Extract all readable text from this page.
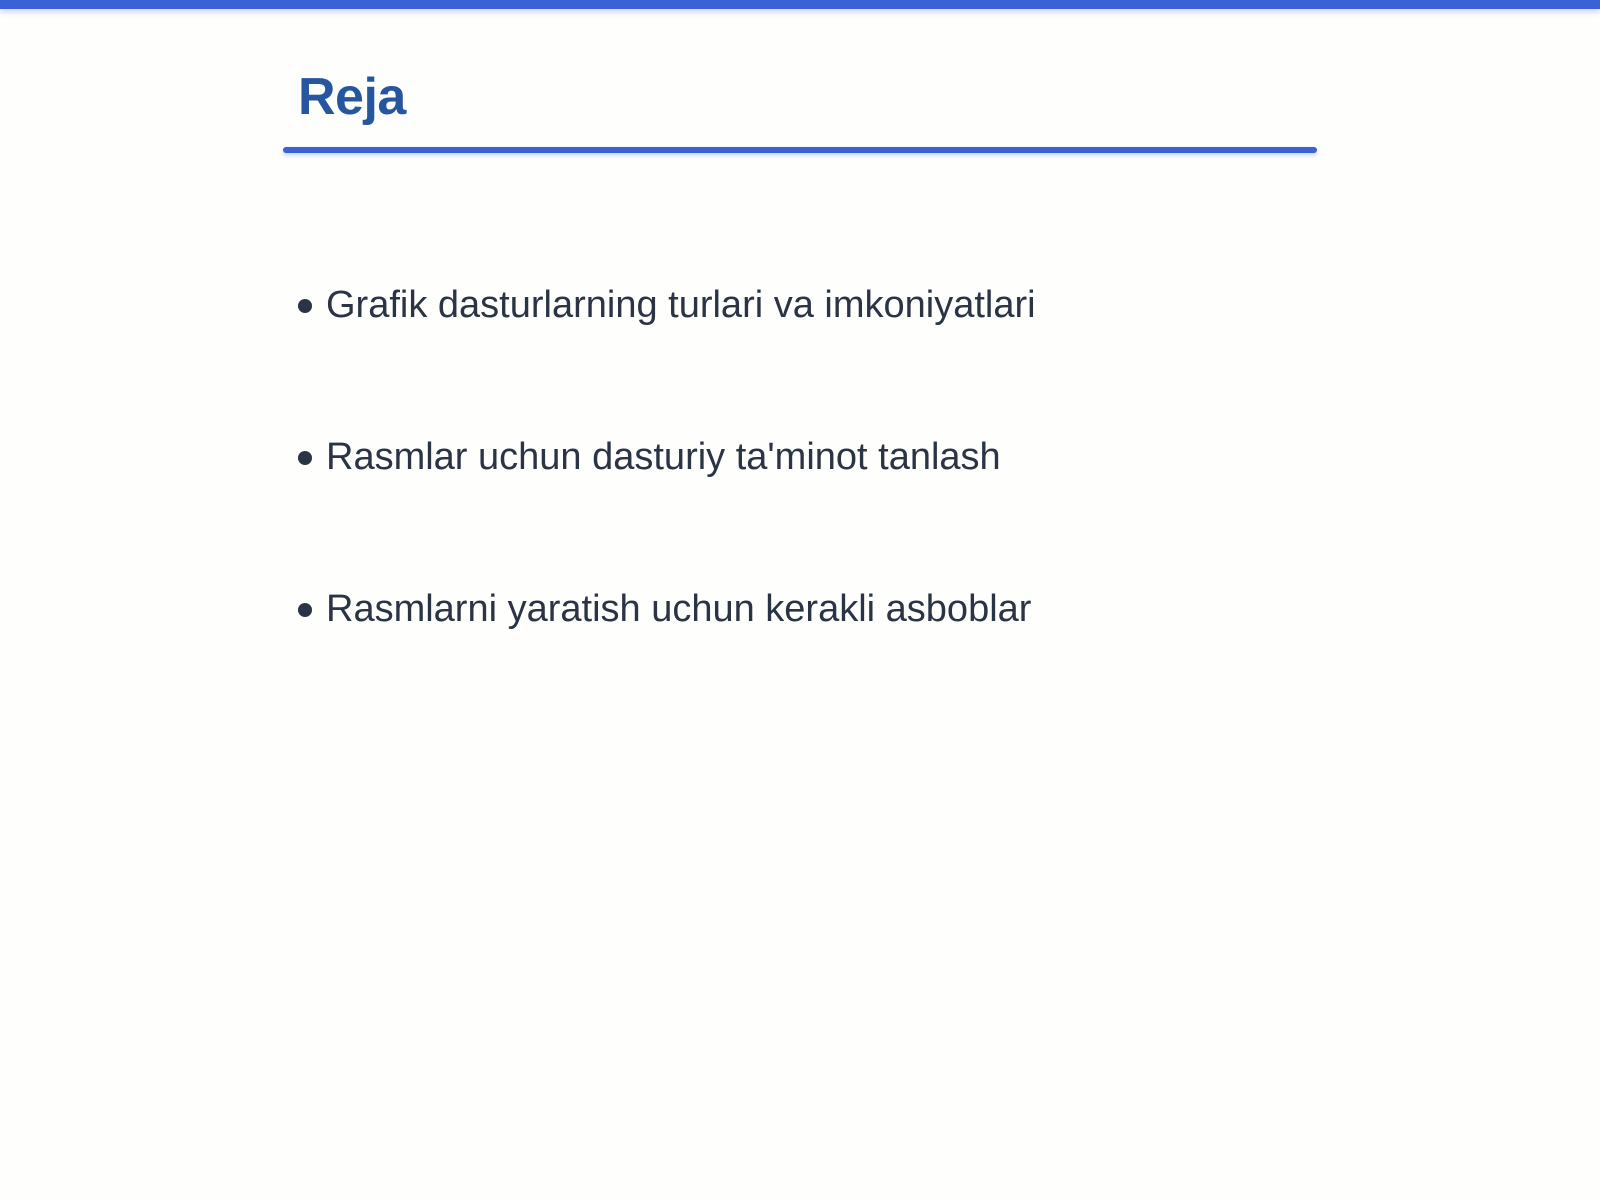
Reja
Grafik dasturlarning turlari va imkoniyatlari
Rasmlar uchun dasturiy ta'minot tanlash
Rasmlarni yaratish uchun kerakli asboblar
